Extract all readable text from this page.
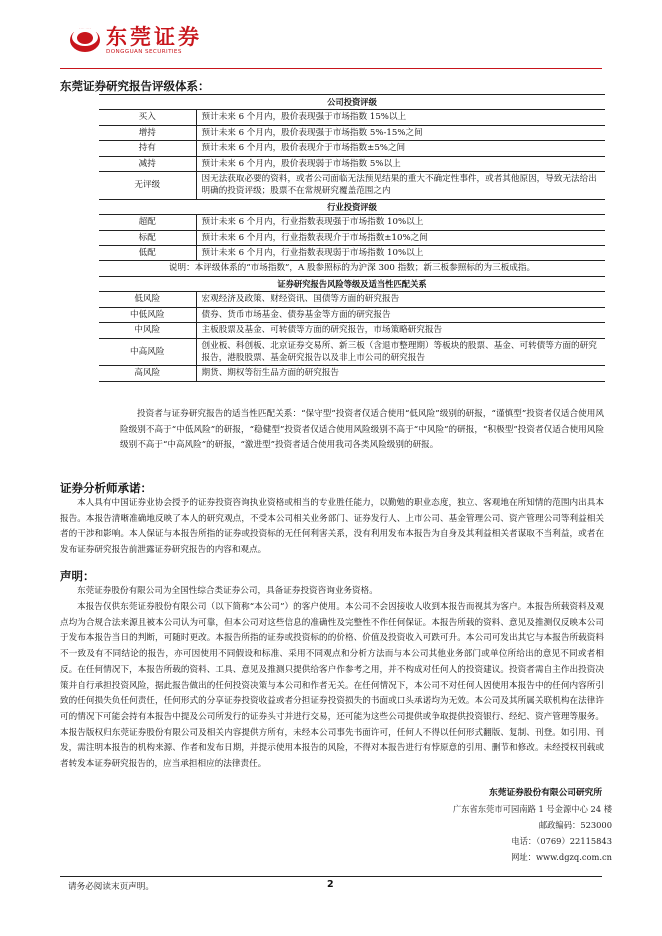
东莞证券
DONGGUAN SECURITIES
东莞证券研究报告评级体系：
公司投资评级	
买入	预计未来 6 个月内，股价表现强于市场指数 15%以上
增持	预计未来 6 个月内，股价表现强于市场指数 5%-15%之间
持有	预计未来 6 个月内，股价表现介于市场指数±5%之间
减持	预计未来 6 个月内，股价表现弱于市场指数 5%以上
无评级	因无法获取必要的资料，或者公司面临无法预见结果的重大不确定性事件，或者其他原因，导致无法给出明确的投资评级；股票不在常规研究覆盖范围之内
行业投资评级	
超配	预计未来 6 个月内，行业指数表现强于市场指数 10%以上
标配	预计未来 6 个月内，行业指数表现介于市场指数±10%之间
低配	预计未来 6 个月内，行业指数表现弱于市场指数 10%以上
说明：本评级体系的“市场指数”，A 股参照标的为沪深 300 指数；新三板参照标的为三板成指。	
证券研究报告风险等级及适当性匹配关系	
低风险	宏观经济及政策、财经资讯、国债等方面的研究报告
中低风险	债券、货币市场基金、债券基金等方面的研究报告
中风险	主板股票及基金、可转债等方面的研究报告，市场策略研究报告
中高风险	创业板、科创板、北京证券交易所、新三板（含退市整理期）等板块的股票、基金、可转债等方面的研究报告，港股股票、基金研究报告以及非上市公司的研究报告
高风险	期货、期权等衍生品方面的研究报告
投资者与证券研究报告的适当性匹配关系：“保守型”投资者仅适合使用“低风险”级别的研报，“谨慎型”投资者仅适合使用风险级别不高于“中低风险”的研报，“稳健型”投资者仅适合使用风险级别不高于“中风险”的研报，“积极型”投资者仅适合使用风险级别不高于“中高风险”的研报，“激进型”投资者适合使用我司各类风险级别的研报。
证券分析师承诺：
本人具有中国证券业协会授予的证券投资咨询执业资格或相当的专业胜任能力，以勤勉的职业态度，独立、客观地在所知情的范围内出具本报告。本报告清晰准确地反映了本人的研究观点，不受本公司相关业务部门、证券发行人、上市公司、基金管理公司、资产管理公司等利益相关者的干涉和影响。本人保证与本报告所指的证券或投资标的无任何利害关系，没有利用发布本报告为自身及其利益相关者谋取不当利益，或者在发布证券研究报告前泄露证券研究报告的内容和观点。
声明：
东莞证券股份有限公司为全国性综合类证券公司，具备证券投资咨询业务资格。
本报告仅供东莞证券股份有限公司（以下简称“本公司”）的客户使用。本公司不会因接收人收到本报告而视其为客户。本报告所载资料及观点均为合规合法来源且被本公司认为可靠，但本公司对这些信息的准确性及完整性不作任何保证。本报告所载的资料、意见及推测仅反映本公司于发布本报告当日的判断，可随时更改。本报告所指的证券或投资标的的价格、价值及投资收入可跌可升。本公司可发出其它与本报告所载资料不一致及有不同结论的报告，亦可因使用不同假设和标准、采用不同观点和分析方法而与本公司其他业务部门或单位所给出的意见不同或者相反。在任何情况下，本报告所载的资料、工具、意见及推测只提供给客户作参考之用，并不构成对任何人的投资建议。投资者需自主作出投资决策并自行承担投资风险，据此报告做出的任何投资决策与本公司和作者无关。在任何情况下，本公司不对任何人因使用本报告中的任何内容所引致的任何损失负任何责任，任何形式的分享证券投资收益或者分担证券投资损失的书面或口头承诺均为无效。本公司及其所属关联机构在法律许可的情况下可能会持有本报告中提及公司所发行的证券头寸并进行交易，还可能为这些公司提供或争取提供投资银行、经纪、资产管理等服务。本报告版权归东莞证券股份有限公司及相关内容提供方所有，未经本公司事先书面许可，任何人不得以任何形式翻版、复制、刊登。如引用、刊发，需注明本报告的机构来源、作者和发布日期，并提示使用本报告的风险，不得对本报告进行有悖原意的引用、删节和修改。未经授权刊载或者转发本证券研究报告的，应当承担相应的法律责任。
东莞证券股份有限公司研究所
广东省东莞市可园南路 1 号金源中心 24 楼
邮政编码：523000
电话：（0769）22115843
网址：www.dgzq.com.cn
请务必阅读末页声明。	2
